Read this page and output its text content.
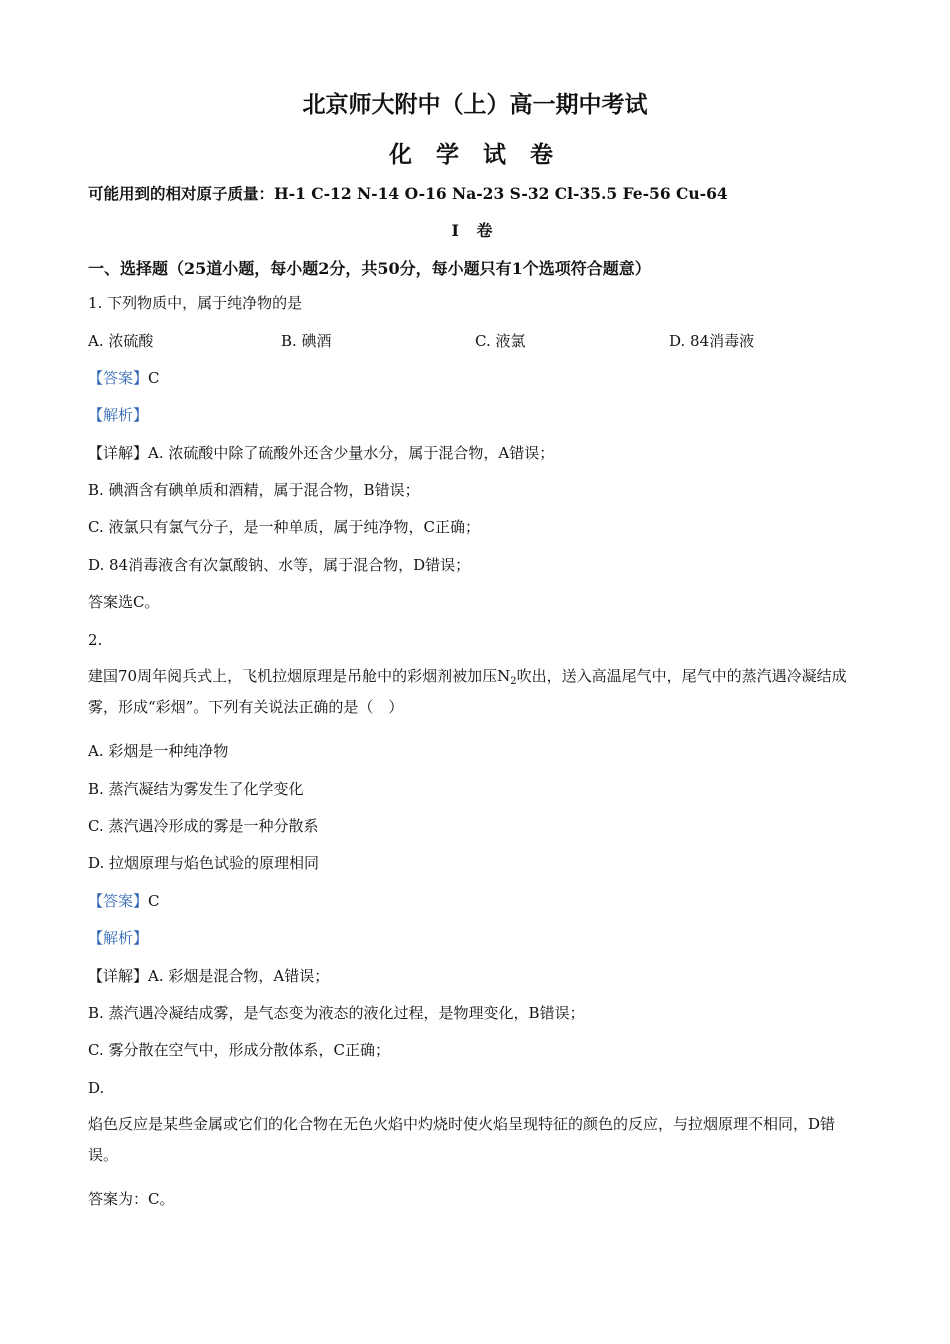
北京师大附中（上）高一期中考试
化 学 试 卷
可能用到的相对原子质量：H-1 C-12 N-14 O-16 Na-23 S-32 Cl-35.5 Fe-56 Cu-64
I 卷
一、选择题（25道小题，每小题2分，共50分，每小题只有1个选项符合题意）
1. 下列物质中，属于纯净物的是
A. 浓硫酸	B. 碘酒	C. 液氯	D. 84消毒液
【答案】C
【解析】
【详解】A. 浓硫酸中除了硫酸外还含少量水分，属于混合物，A错误；
B. 碘酒含有碘单质和酒精，属于混合物，B错误；
C. 液氯只有氯气分子，是一种单质，属于纯净物，C正确；
D. 84消毒液含有次氯酸钠、水等，属于混合物，D错误；
答案选C。
2.
建国70周年阅兵式上，飞机拉烟原理是吊舱中的彩烟剂被加压$N_2$吹出，送入高温尾气中，尾气中的蒸汽遇冷凝结成雾，形成“彩烟”。下列有关说法正确的是（　）
A. 彩烟是一种纯净物
B. 蒸汽凝结为雾发生了化学变化
C. 蒸汽遇冷形成的雾是一种分散系
D. 拉烟原理与焰色试验的原理相同
【答案】C
【解析】
【详解】A. 彩烟是混合物，A错误；
B. 蒸汽遇冷凝结成雾，是气态变为液态的液化过程，是物理变化，B错误；
C. 雾分散在空气中，形成分散体系，C正确；
D.
焰色反应是某些金属或它们的化合物在无色火焰中灼烧时使火焰呈现特征的颜色的反应，与拉烟原理不相同，D错误。
答案为：C。
